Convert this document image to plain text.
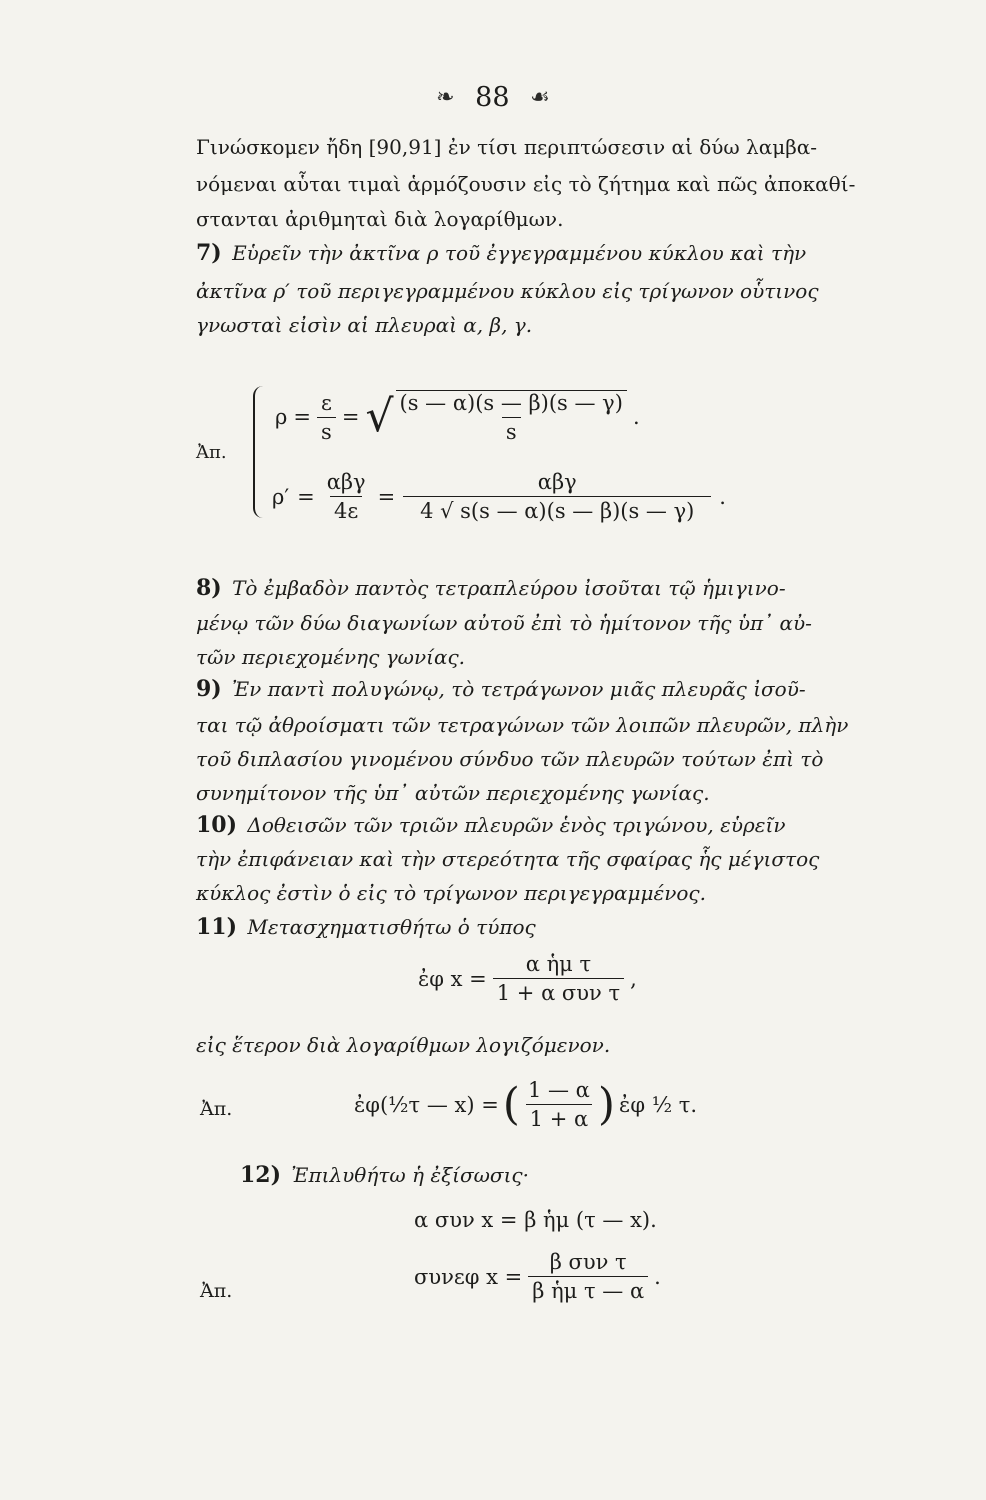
❧ 88 ☙
Γινώσκομεν ἤδη [90,91] ἐν τίσι περιπτώσεσιν αἱ δύω λαμβα-
νόμεναι αὗται τιμαὶ ἁρμόζουσιν εἰς τὸ ζήτημα καὶ πῶς ἀποκαθί-
στανται ἀριθμηταὶ διὰ λογαρίθμων.
7) Εὑρεῖν τὴν ἀκτῖνα ρ τοῦ ἐγγεγραμμένου κύκλου καὶ τὴν
ἀκτῖνα ρ′ τοῦ περιγεγραμμένου κύκλου εἰς τρίγωνον οὗτινος
γνωσταὶ εἰσὶν αἱ πλευραὶ α, β, γ.
Ἀπ.
$\rho = \frac{\varepsilon}{s}$ = √ $\frac{(s — \alpha)(s — \beta)(s — \gamma)}{s}$ .
$\rho' = \frac{\text{αβγ}}{4\varepsilon} = \frac{\text{αβγ}}{4 √ s(s — \alpha)(s — \beta)(s — \gamma)}$ .
8) Τὸ ἐμβαδὸν παντὸς τετραπλεύρου ἰσοῦται τῷ ἡμιγινο-
μένῳ τῶν δύω διαγωνίων αὐτοῦ ἐπὶ τὸ ἡμίτονον τῆς ὑπ᾽ αὐ-
τῶν περιεχομένης γωνίας.
9) Ἐν παντὶ πολυγώνῳ, τὸ τετράγωνον μιᾶς πλευρᾶς ἰσοῦ-
ται τῷ ἀθροίσματι τῶν τετραγώνων τῶν λοιπῶν πλευρῶν, πλὴν
τοῦ διπλασίου γινομένου σύνδυο τῶν πλευρῶν τούτων ἐπὶ τὸ
συνημίτονον τῆς ὑπ᾽ αὐτῶν περιεχομένης γωνίας.
10) Δοθεισῶν τῶν τριῶν πλευρῶν ἑνὸς τριγώνου, εὑρεῖν
τὴν ἐπιφάνειαν καὶ τὴν στερεότητα τῆς σφαίρας ἧς μέγιστος
κύκλος ἐστὶν ὁ εἰς τὸ τρίγωνον περιγεγραμμένος.
11) Μετασχηματισθήτω ὁ τύπος
ἐφ $x = \frac{\text{α ἡμ τ}}{\text{1 + α συν τ}}$ ,
εἰς ἕτερον διὰ λογαρίθμων λογιζόμενον.
Ἀπ.	ἐφ(½τ — x) = ( $\frac{1 — \alpha}{1 + \alpha}$ ) ἐφ ½ τ.
12) Ἐπιλυθήτω ἡ ἐξίσωσις·
α συν x = β ἡμ (τ — x).
Ἀπ.
συνεφ $x = \frac{\text{β συν τ}}{\text{β ἡμ τ — α}}$ .
